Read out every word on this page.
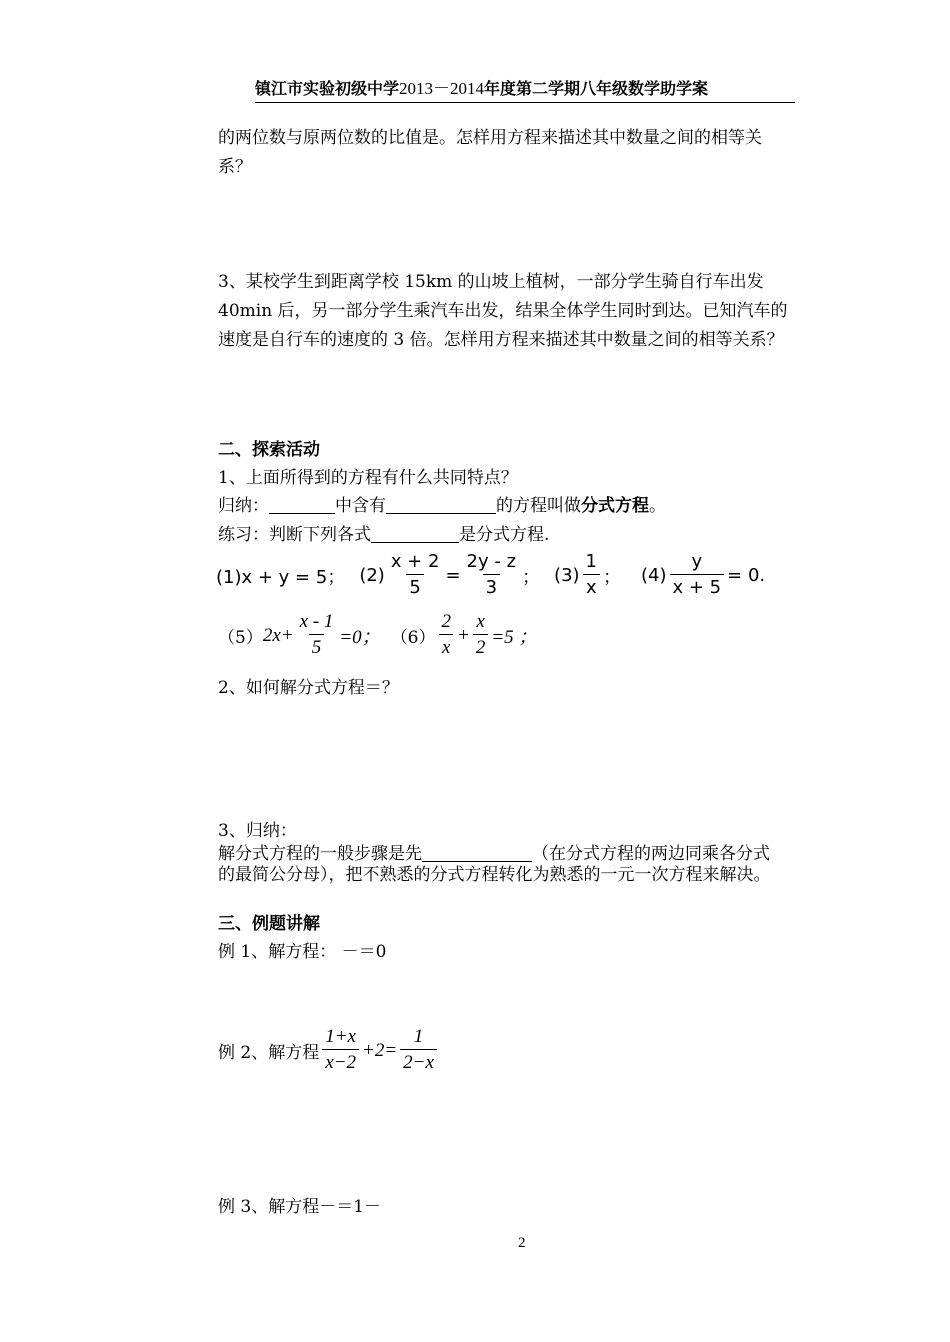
镇江市实验初级中学2013－2014年度第二学期八年级数学助学案
的两位数与原两位数的比值是。怎样用方程来描述其中数量之间的相等关
系？
3、某校学生到距离学校 15km 的山坡上植树，一部分学生骑自行车出发
40min 后，另一部分学生乘汽车出发，结果全体学生同时到达。已知汽车的
速度是自行车的速度的 3 倍。怎样用方程来描述其中数量之间的相等关系？
二、探索活动
1、上面所得到的方程有什么共同特点？
归纳：	中含有	的方程叫做分式方程。
练习：判断下列各式	是分式方程.
(1)x + y = 5； $(2) \frac{x + 2}{5} = \frac{2y - z}{3}$ ； $(3) \frac{1}{x}$ ； $(4) \frac{y}{x + 5} = 0$.
（5） $2x+ \frac{x - 1}{5} =0$； $(6) \frac{2}{x} + \frac{x}{2} =5$ ；
2、如何解分式方程＝？
3、归纳：
解分式方程的一般步骤是先	（在分式方程的两边同乘各分式
的最简公分母），把不熟悉的分式方程转化为熟悉的一元一次方程来解决。
三、例题讲解
例 1、解方程： －＝0
例 2、解方程 $\frac{1+x}{x-2} +2= \frac{1}{2-x}$
例 3、解方程－＝1－
2
